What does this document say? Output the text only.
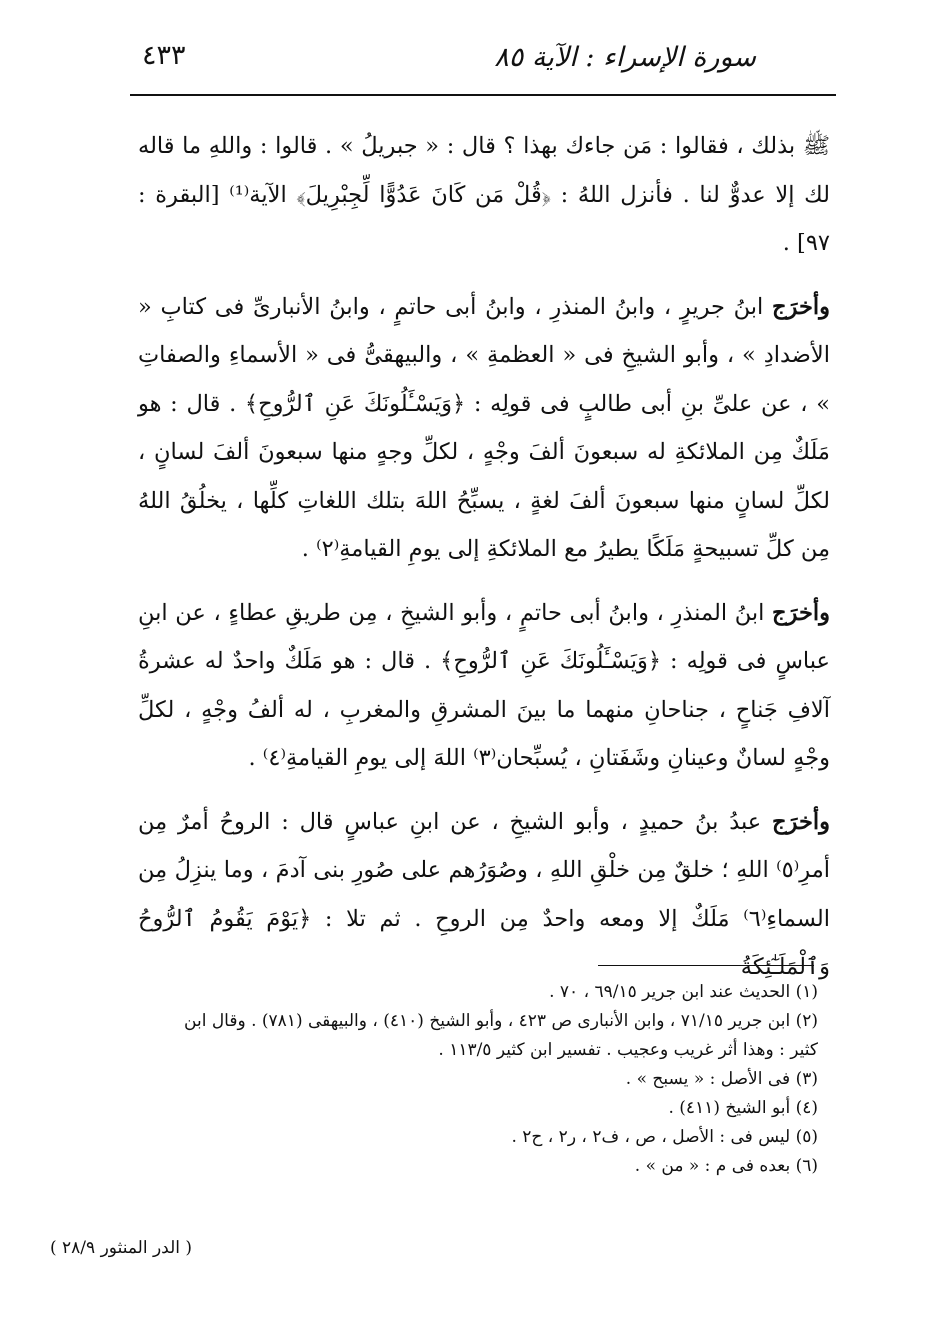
سورة الإسراء : الآية ٨٥
٤٣٣

ﷺ بذلك ، فقالوا : مَن جاءك بهذا ؟ قال : « جبريلُ » . قالوا : واللهِ ما قاله لك إلا عدوٌّ لنا . فأنزل اللهُ : ﴿قُلْ مَن كَانَ عَدُوًّا لِّجِبْرِيلَ﴾ الآية⁽¹⁾ [البقرة : ٩٧] .

وأخرَج ابنُ جريرٍ ، وابنُ المنذرِ ، وابنُ أبى حاتمٍ ، وابنُ الأنبارىِّ فى كتابِ « الأضدادِ » ، وأبو الشيخِ فى « العظمةِ » ، والبيهقىُّ فى « الأسماءِ والصفاتِ » ، عن علىِّ بنِ أبى طالبٍ فى قولِه : ﴿وَيَسْـَٔلُونَكَ عَنِ ٱلرُّوحِ﴾ . قال : هو مَلَكٌ مِن الملائكةِ له سبعونَ ألفَ وجْهٍ ، لكلِّ وجهٍ منها سبعونَ ألفَ لسانٍ ، لكلِّ لسانٍ منها سبعونَ ألفَ لغةٍ ، يسبِّحُ اللهَ بتلك اللغاتِ كلِّها ، يخلُقُ اللهُ مِن كلِّ تسبيحةٍ مَلَكًا يطيرُ مع الملائكةِ إلى يومِ القيامةِ⁽٢⁾ .

وأخرَج ابنُ المنذرِ ، وابنُ أبى حاتمٍ ، وأبو الشيخِ ، مِن طريقِ عطاءٍ ، عن ابنِ عباسٍ فى قولِه : ﴿وَيَسْـَٔلُونَكَ عَنِ ٱلرُّوحِ﴾ . قال : هو مَلَكٌ واحدٌ له عشرةُ آلافِ جَناحٍ ، جناحانِ منهما ما بينَ المشرقِ والمغربِ ، له ألفُ وجْهٍ ، لكلِّ وجْهٍ لسانٌ وعينانِ وشَفَتانِ ، يُسبِّحان⁽٣⁾ اللهَ إلى يومِ القيامةِ⁽٤⁾ .

وأخرَج عبدُ بنُ حميدٍ ، وأبو الشيخِ ، عن ابنِ عباسٍ قال : الروحُ أمرٌ مِن أمرِ⁽٥⁾ اللهِ ؛ خلقٌ مِن خلْقِ اللهِ ، وصُوَرُهم على صُورِ بنى آدمَ ، وما ينزِلُ مِن السماءِ⁽٦⁾ مَلَكٌ إلا ومعه واحدٌ مِن الروحِ . ثم تلا : ﴿يَوْمَ يَقُومُ ٱلرُّوحُ وَٱلْمَلَـٰٓئِكَةُ

(١) الحديث عند ابن جرير ٦٩/١٥ ، ٧٠ .

(٢) ابن جرير ٧١/١٥ ، وابن الأنبارى ص ٤٢٣ ، وأبو الشيخ (٤١٠) ، والبيهقى (٧٨١) . وقال ابن

كثير : وهذا أثر غريب وعجيب . تفسير ابن كثير ١١٣/٥ .

(٣) فى الأصل : « يسبح » .

(٤) أبو الشيخ (٤١١) .

(٥) ليس فى : الأصل ، ص ، ف٢ ، ر٢ ، ح٢ .

(٦) بعده فى م : « من » .

( الدر المنثور ٢٨/٩ )
